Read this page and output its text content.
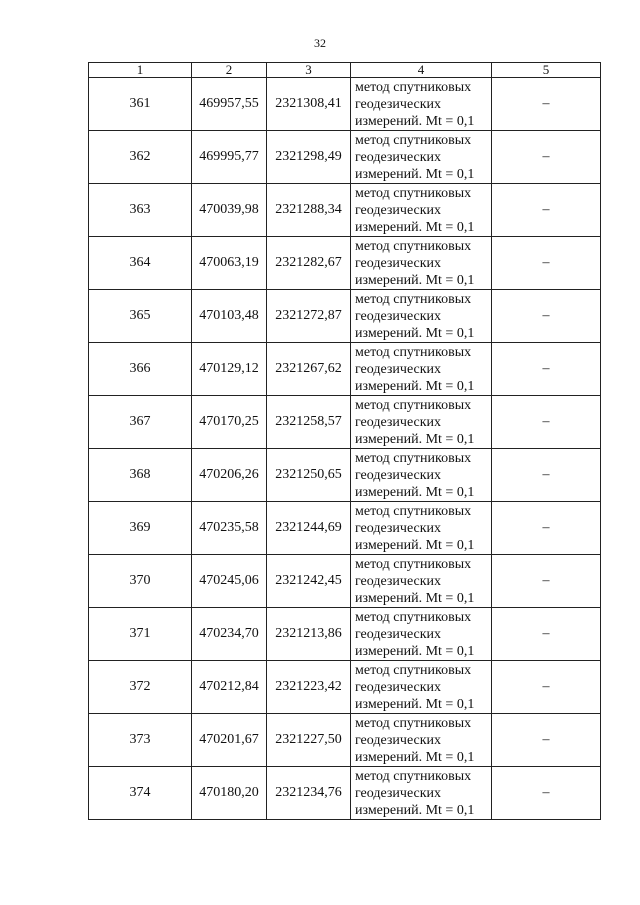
32
1	2	3	4	5
361	469957,55	2321308,41	метод спутниковых
геодезических
измерений. Mt = 0,1	–
362	469995,77	2321298,49	метод спутниковых
геодезических
измерений. Mt = 0,1	–
363	470039,98	2321288,34	метод спутниковых
геодезических
измерений. Mt = 0,1	–
364	470063,19	2321282,67	метод спутниковых
геодезических
измерений. Mt = 0,1	–
365	470103,48	2321272,87	метод спутниковых
геодезических
измерений. Mt = 0,1	–
366	470129,12	2321267,62	метод спутниковых
геодезических
измерений. Mt = 0,1	–
367	470170,25	2321258,57	метод спутниковых
геодезических
измерений. Mt = 0,1	–
368	470206,26	2321250,65	метод спутниковых
геодезических
измерений. Mt = 0,1	–
369	470235,58	2321244,69	метод спутниковых
геодезических
измерений. Mt = 0,1	–
370	470245,06	2321242,45	метод спутниковых
геодезических
измерений. Mt = 0,1	–
371	470234,70	2321213,86	метод спутниковых
геодезических
измерений. Mt = 0,1	–
372	470212,84	2321223,42	метод спутниковых
геодезических
измерений. Mt = 0,1	–
373	470201,67	2321227,50	метод спутниковых
геодезических
измерений. Mt = 0,1	–
374	470180,20	2321234,76	метод спутниковых
геодезических
измерений. Mt = 0,1	–
